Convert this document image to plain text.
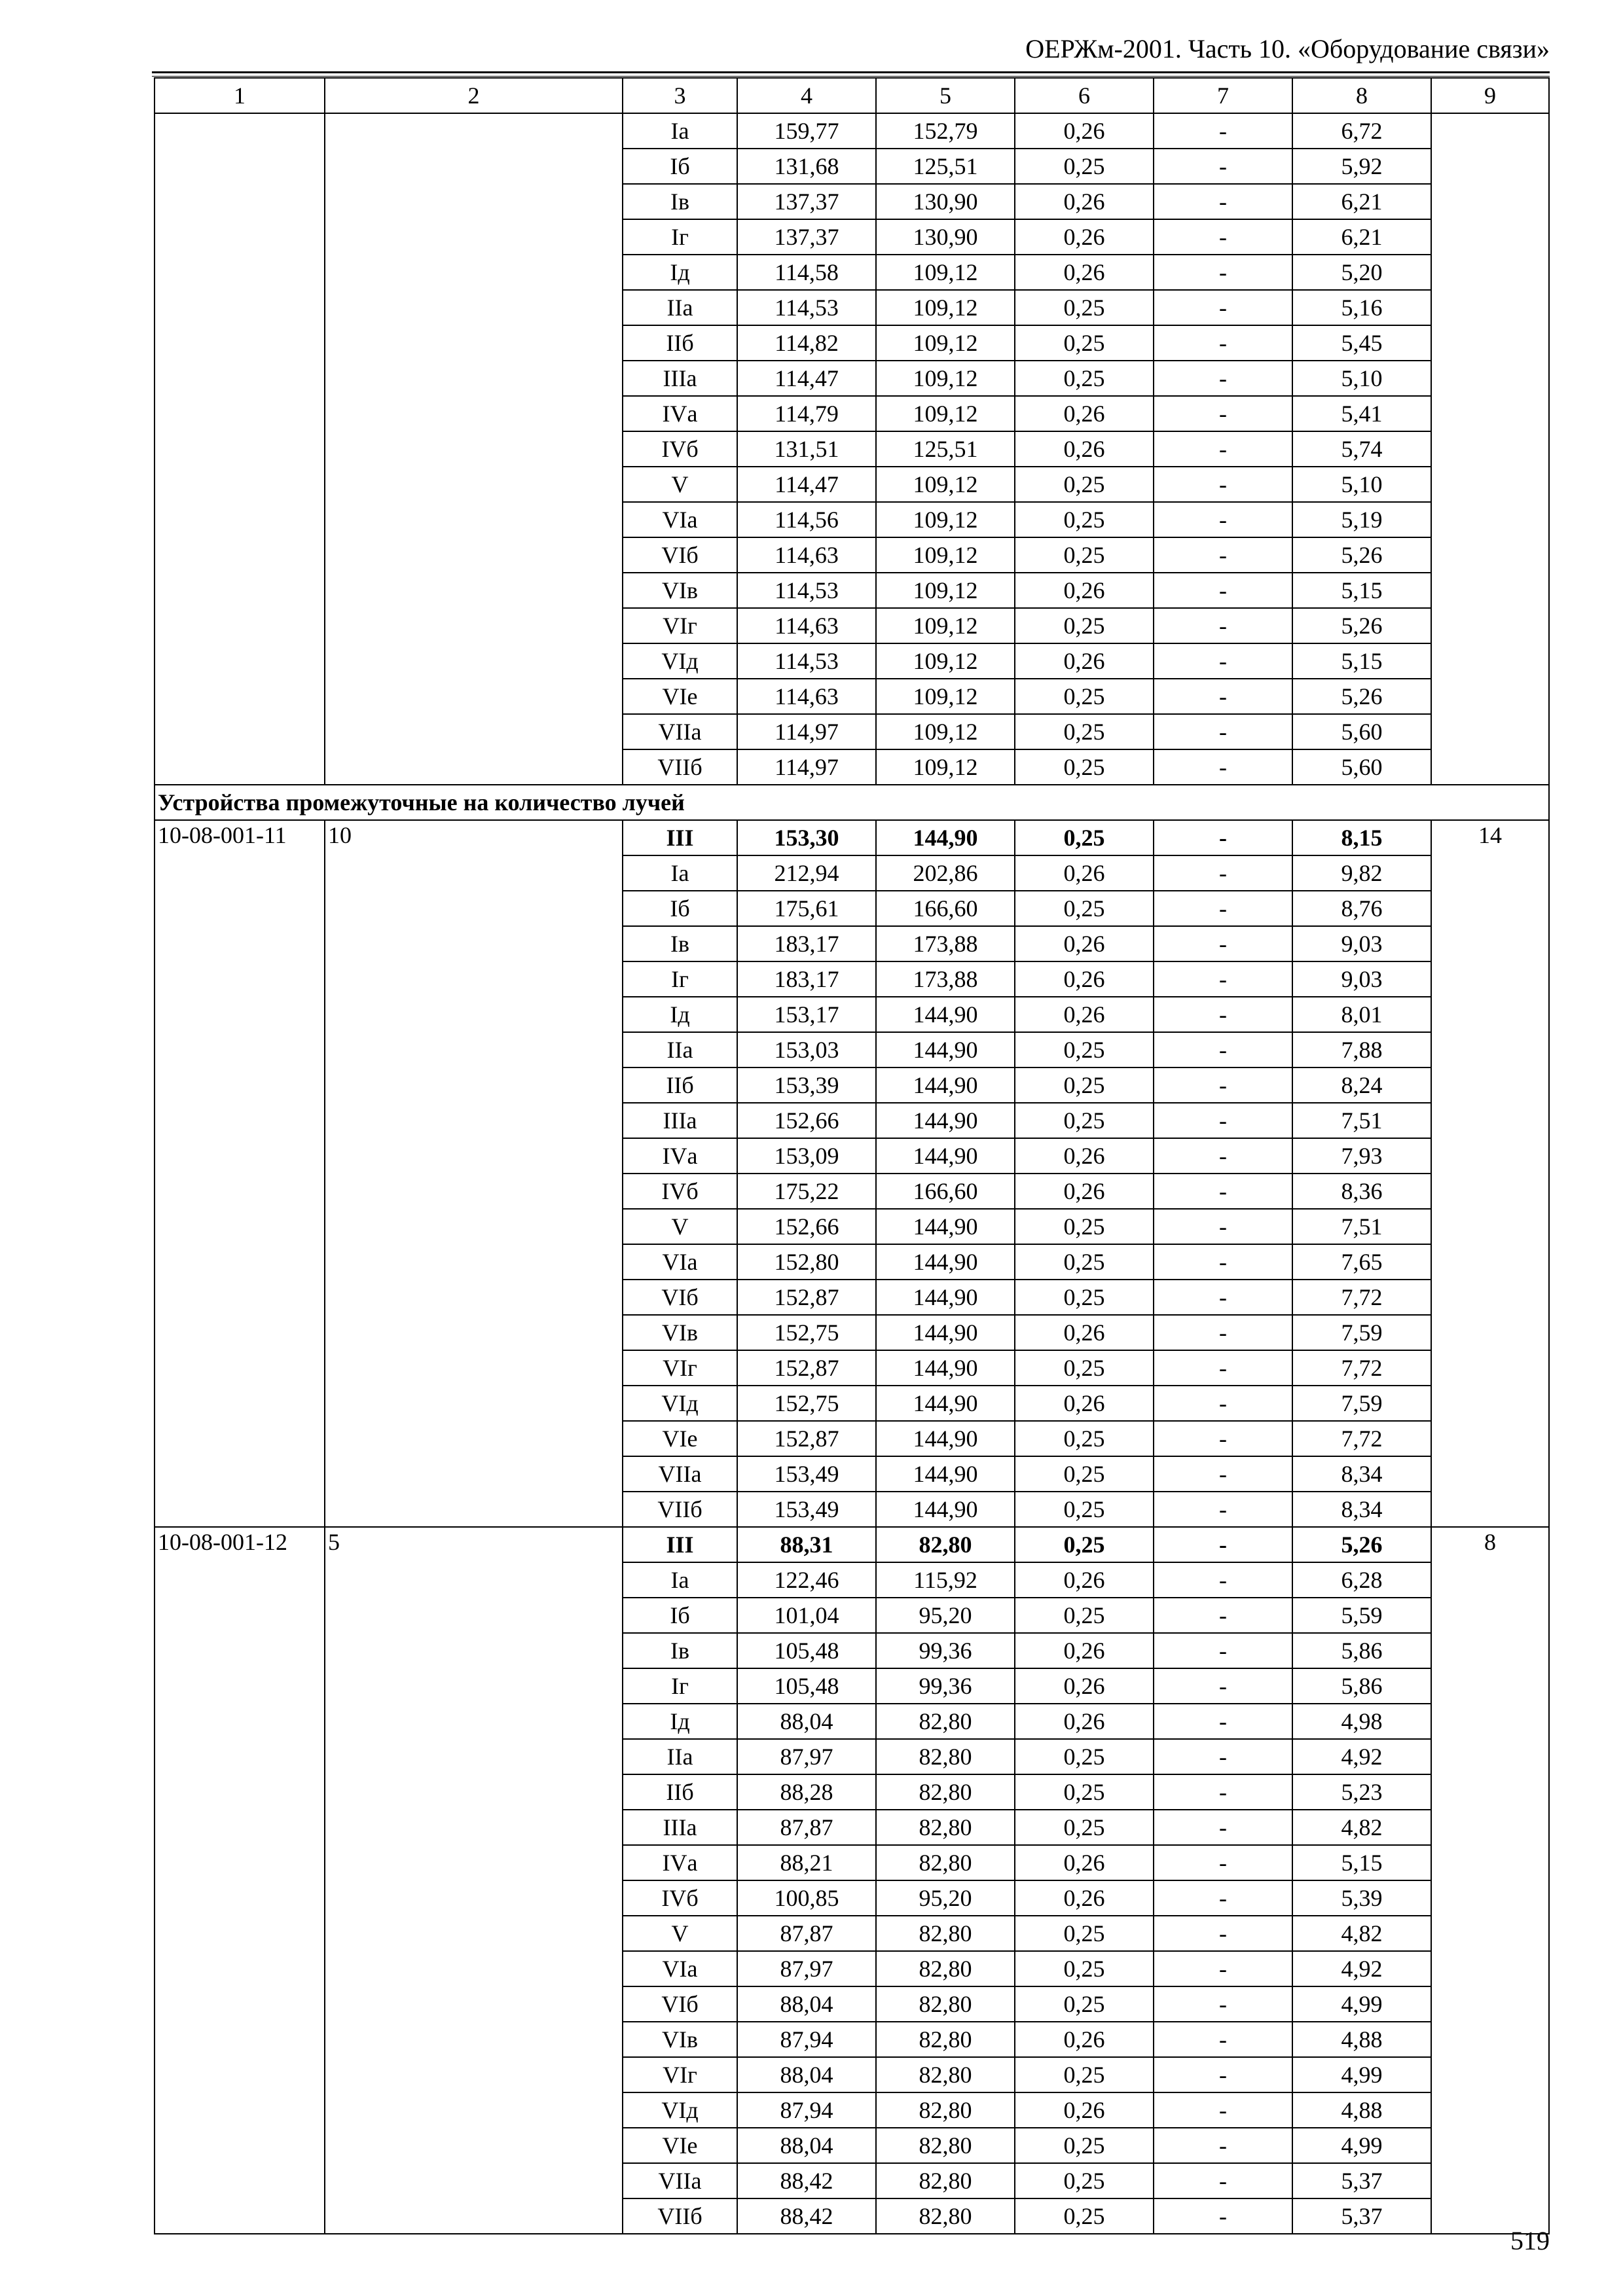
ОЕРЖм-2001. Часть 10. «Оборудование связи»
1	2	3	4	5	6	7	8	9
		Iа	159,77	152,79	0,26	-	6,72	
		Iб	131,68	125,51	0,25	-	5,92	
		Iв	137,37	130,90	0,26	-	6,21	
		Iг	137,37	130,90	0,26	-	6,21	
		Iд	114,58	109,12	0,26	-	5,20	
		IIа	114,53	109,12	0,25	-	5,16	
		IIб	114,82	109,12	0,25	-	5,45	
		IIIа	114,47	109,12	0,25	-	5,10	
		IVа	114,79	109,12	0,26	-	5,41	
		IVб	131,51	125,51	0,26	-	5,74	
		V	114,47	109,12	0,25	-	5,10	
		VIа	114,56	109,12	0,25	-	5,19	
		VIб	114,63	109,12	0,25	-	5,26	
		VIв	114,53	109,12	0,26	-	5,15	
		VIг	114,63	109,12	0,25	-	5,26	
		VIд	114,53	109,12	0,26	-	5,15	
		VIе	114,63	109,12	0,25	-	5,26	
		VIIа	114,97	109,12	0,25	-	5,60	
		VIIб	114,97	109,12	0,25	-	5,60	
Устройства промежуточные на количество лучей								
10-08-001-11	10	III	153,30	144,90	0,25	-	8,15	14
		Iа	212,94	202,86	0,26	-	9,82	
		Iб	175,61	166,60	0,25	-	8,76	
		Iв	183,17	173,88	0,26	-	9,03	
		Iг	183,17	173,88	0,26	-	9,03	
		Iд	153,17	144,90	0,26	-	8,01	
		IIа	153,03	144,90	0,25	-	7,88	
		IIб	153,39	144,90	0,25	-	8,24	
		IIIа	152,66	144,90	0,25	-	7,51	
		IVа	153,09	144,90	0,26	-	7,93	
		IVб	175,22	166,60	0,26	-	8,36	
		V	152,66	144,90	0,25	-	7,51	
		VIа	152,80	144,90	0,25	-	7,65	
		VIб	152,87	144,90	0,25	-	7,72	
		VIв	152,75	144,90	0,26	-	7,59	
		VIг	152,87	144,90	0,25	-	7,72	
		VIд	152,75	144,90	0,26	-	7,59	
		VIе	152,87	144,90	0,25	-	7,72	
		VIIа	153,49	144,90	0,25	-	8,34	
		VIIб	153,49	144,90	0,25	-	8,34	
10-08-001-12	5	III	88,31	82,80	0,25	-	5,26	8
		Iа	122,46	115,92	0,26	-	6,28	
		Iб	101,04	95,20	0,25	-	5,59	
		Iв	105,48	99,36	0,26	-	5,86	
		Iг	105,48	99,36	0,26	-	5,86	
		Iд	88,04	82,80	0,26	-	4,98	
		IIа	87,97	82,80	0,25	-	4,92	
		IIб	88,28	82,80	0,25	-	5,23	
		IIIа	87,87	82,80	0,25	-	4,82	
		IVа	88,21	82,80	0,26	-	5,15	
		IVб	100,85	95,20	0,26	-	5,39	
		V	87,87	82,80	0,25	-	4,82	
		VIа	87,97	82,80	0,25	-	4,92	
		VIб	88,04	82,80	0,25	-	4,99	
		VIв	87,94	82,80	0,26	-	4,88	
		VIг	88,04	82,80	0,25	-	4,99	
		VIд	87,94	82,80	0,26	-	4,88	
		VIе	88,04	82,80	0,25	-	4,99	
		VIIа	88,42	82,80	0,25	-	5,37	
		VIIб	88,42	82,80	0,25	-	5,37	
519
